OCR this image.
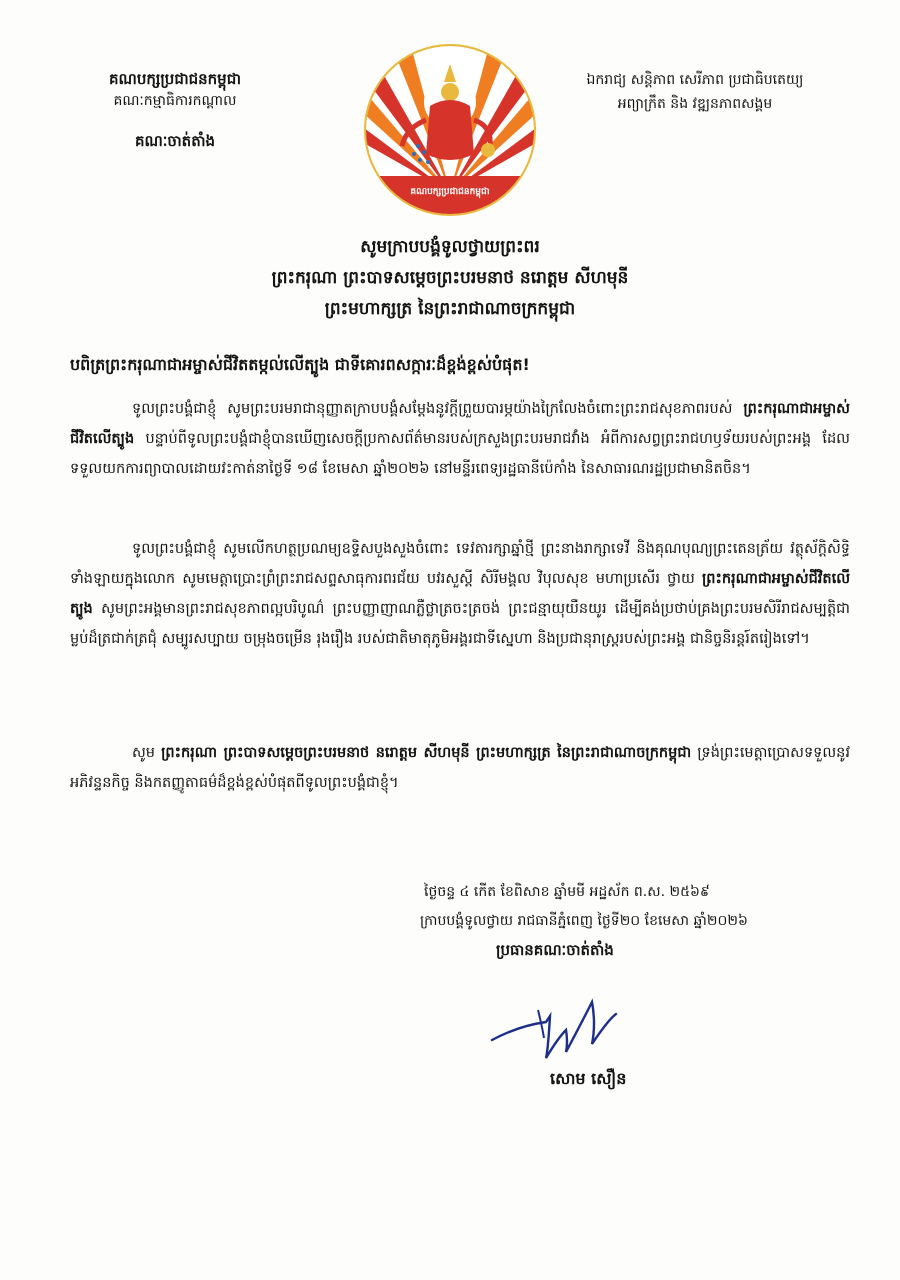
គណបក្សប្រជាជនកម្ពុជា
គណៈកម្មាធិការកណ្ដាល
គណៈចាត់តាំង
គណបក្សប្រជាជនកម្ពុជា
ឯករាជ្យ សន្តិភាព សេរីភាព ប្រជាធិបតេយ្យ
អព្យាក្រឹត និង វឌ្ឍនភាពសង្គម
សូមក្រាបបង្គំទូលថ្វាយព្រះពរ
ព្រះករុណា ព្រះបាទសម្ដេចព្រះបរមនាថ នរោត្តម សីហមុនី
ព្រះមហាក្សត្រ នៃព្រះរាជាណាចក្រកម្ពុជា
បពិត្រព្រះករុណាជាអម្ចាស់ជីវិតតម្កល់លើត្បូង ជាទីគោរពសក្ការៈដ៏ខ្ពង់ខ្ពស់បំផុត!
ទូលព្រះបង្គំជាខ្ញុំ សូមព្រះបរមរាជានុញ្ញាតក្រាបបង្គំសម្ដែងនូវក្ដីព្រួយបារម្ភយ៉ាងក្រៃលែងចំពោះព្រះរាជសុខភាពរបស់ ព្រះករុណាជាអម្ចាស់ជីវិតលើត្បូង បន្ទាប់ពីទូលព្រះបង្គំជាខ្ញុំបានឃើញសេចក្ដីប្រកាសព័ត៌មានរបស់ក្រសួងព្រះបរមរាជវាំង អំពីការសព្វព្រះរាជហឫទ័យរបស់ព្រះអង្គ ដែលទទួលយកការព្យាបាលដោយវះកាត់នាថ្ងៃទី ១៨ ខែមេសា ឆ្នាំ២០២៦ នៅមន្ទីរពេទ្យរដ្ឋធានីប៉េកាំង នៃសាធារណរដ្ឋប្រជាមានិតចិន។
ទូលព្រះបង្គំជាខ្ញុំ សូមលើកហត្ថប្រណម្យឧទ្ទិសបួងសួងចំពោះ ទេវតារក្សាឆ្នាំថ្មី ព្រះនាងរាក្សាទេវី និងគុណបុណ្យព្រះតេនត្រ័យ វត្ថុស័ក្តិសិទ្ធិទាំងឡាយក្នុងលោក សូមមេត្តាប្រោះព្រំព្រះរាជសព្ទសាធុការពរជ័យ បវរសួស្តី សិរីមង្គល វិបុលសុខ មហាប្រសើរ ថ្វាយ ព្រះករុណាជាអម្ចាស់ជីវិតលើត្បូង សូមព្រះអង្គមានព្រះរាជសុខភាពល្អបរិបូណ៌ ព្រះបញ្ញាញាណភ្លឺថ្លាត្រចះត្រចង់ ព្រះជន្មាយុយឺនយូរ ដើម្បីគង់ប្រថាប់គ្រងព្រះបរមសិរីរាជសម្បត្តិជាម្លប់ដ៏ត្រជាក់ត្រជុំ សម្បូរសប្បាយ ចម្រុងចម្រើន រុងរឿង របស់ជាតិមាតុភូមិអង្គរជាទីស្នេហា និងប្រជានុរាស្ត្ររបស់ព្រះអង្គ ជានិច្ចនិរន្តរ៍តរៀងទៅ។
សូម ព្រះករុណា ព្រះបាទសម្ដេចព្រះបរមនាថ នរោត្តម សីហមុនី ព្រះមហាក្សត្រ នៃព្រះរាជាណាចក្រកម្ពុជា ទ្រង់ព្រះមេត្តាប្រោសទទួលនូវអភិវន្ទនកិច្ច និងកតញ្ញូតាធម៌ដ៏ខ្ពង់ខ្ពស់បំផុតពីទូលព្រះបង្គំជាខ្ញុំ។
ថ្ងៃចន្ទ ៤ កើត ខែពិសាខ ឆ្នាំមមី អដ្ឋស័ក ព.ស. ២៥៦៩
ក្រាបបង្គំទូលថ្វាយ រាជធានីភ្នំពេញ ថ្ងៃទី២០ ខែមេសា ឆ្នាំ២០២៦
ប្រធានគណៈចាត់តាំង
សោម សឿន
